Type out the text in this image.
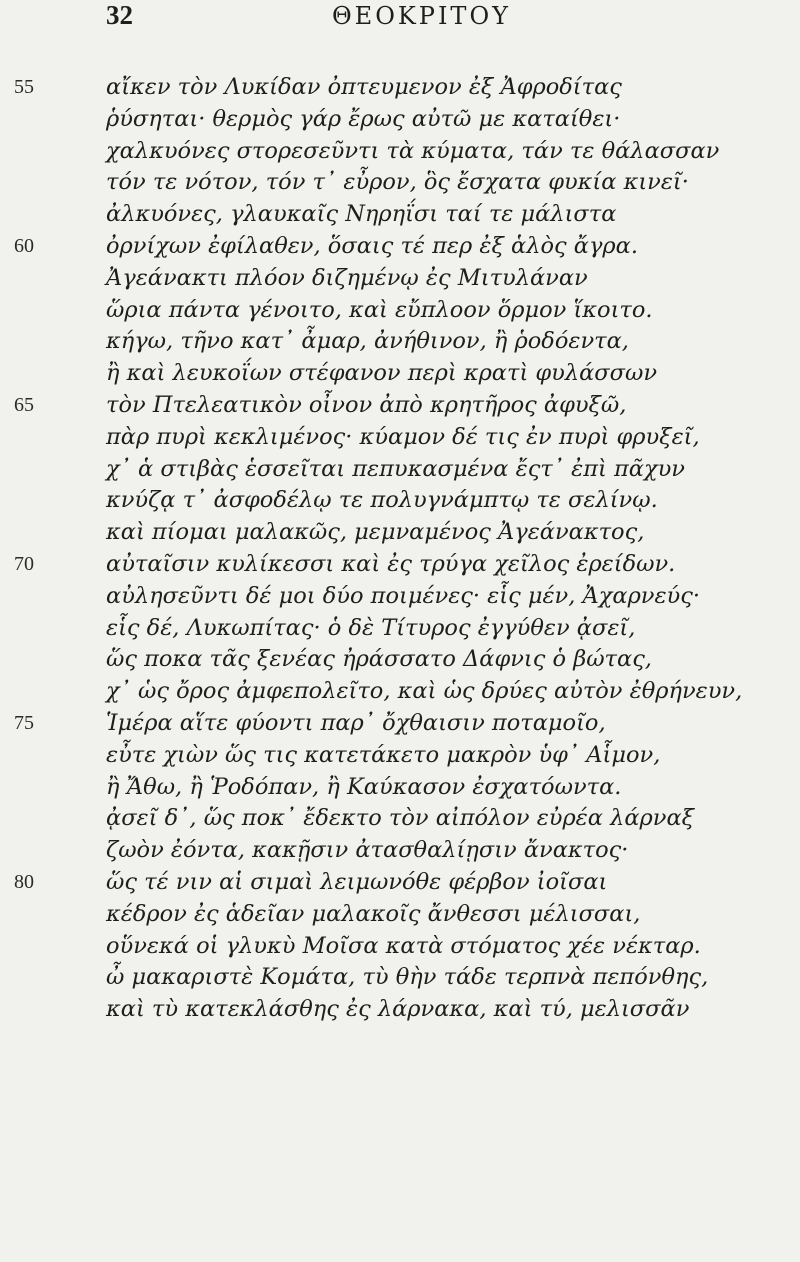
32	ΘΕΟΚΡΙΤΟΥ
55	αἴκεν τὸν Λυκίδαν ὀπτευμενον ἐξ Ἀφροδίτας
ῥύσηται· θερμὸς γάρ ἔρως αὐτῶ με καταίθει·
χαλκυόνες στορεσεῦντι τὰ κύματα, τάν τε θάλασσαν
τόν τε νότον, τόν τ᾽ εὖρον, ὃς ἔσχατα φυκία κινεῖ·
ἀλκυόνες, γλαυκαῖς Νηρηΐσι ταί τε μάλιστα
60	ὀρνίχων ἐφίλαθεν, ὅσαις τέ περ ἐξ ἁλὸς ἄγρα.
Ἀγεάνακτι πλόον διζημένῳ ἐς Μιτυλάναν
ὥρια πάντα γένοιτο, καὶ εὔπλοον ὅρμον ἵκοιτο.
κήγω, τῆνο κατ᾽ ἆμαρ, ἀνήθινον, ἢ ῥοδόεντα,
ἢ καὶ λευκοΐων στέφανον περὶ κρατὶ φυλάσσων
65	τὸν Πτελεατικὸν οἶνον ἀπὸ κρητῆρος ἀφυξῶ,
πὰρ πυρὶ κεκλιμένος· κύαμον δέ τις ἐν πυρὶ φρυξεῖ,
χ᾽ ἁ στιβὰς ἑσσεῖται πεπυκασμένα ἔςτ᾽ ἐπὶ πᾶχυν
κνύζᾳ τ᾽ ἀσφοδέλῳ τε πολυγνάμπτῳ τε σελίνῳ.
καὶ πίομαι μαλακῶς, μεμναμένος Ἀγεάνακτος,
70	αὐταῖσιν κυλίκεσσι καὶ ἐς τρύγα χεῖλος ἐρείδων.
αὐλησεῦντι δέ μοι δύο ποιμένες· εἷς μέν, Ἀχαρνεύς·
εἷς δέ, Λυκωπίτας· ὁ δὲ Τίτυρος ἐγγύθεν ᾀσεῖ,
ὥς ποκα τᾶς ξενέας ἠράσσατο Δάφνις ὁ βώτας,
χ᾽ ὡς ὄρος ἀμφεπολεῖτο, καὶ ὡς δρύες αὐτὸν ἐθρήνευν,
75	Ἱμέρα αἵτε φύοντι παρ᾽ ὄχθαισιν ποταμοῖο,
εὖτε χιὼν ὥς τις κατετάκετο μακρὸν ὑφ᾽ Αἷμον,
ἢ Ἄθω, ἢ Ῥοδόπαν, ἢ Καύκασον ἐσχατόωντα.
ᾀσεῖ δ᾽, ὥς ποκ᾽ ἔδεκτο τὸν αἰπόλον εὐρέα λάρναξ
ζωὸν ἐόντα, κακῇσιν ἀτασθαλίῃσιν ἄνακτος·
80	ὥς τέ νιν αἱ σιμαὶ λειμωνόθε φέρβον ἰοῖσαι
κέδρον ἐς ἁδεῖαν μαλακοῖς ἄνθεσσι μέλισσαι,
οὕνεκά οἱ γλυκὺ Μοῖσα κατὰ στόματος χέε νέκταρ.
ὦ μακαριστὲ Κομάτα, τὺ θὴν τάδε τερπνὰ πεπόνθης,
καὶ τὺ κατεκλάσθης ἐς λάρνακα, καὶ τύ, μελισσᾶν
